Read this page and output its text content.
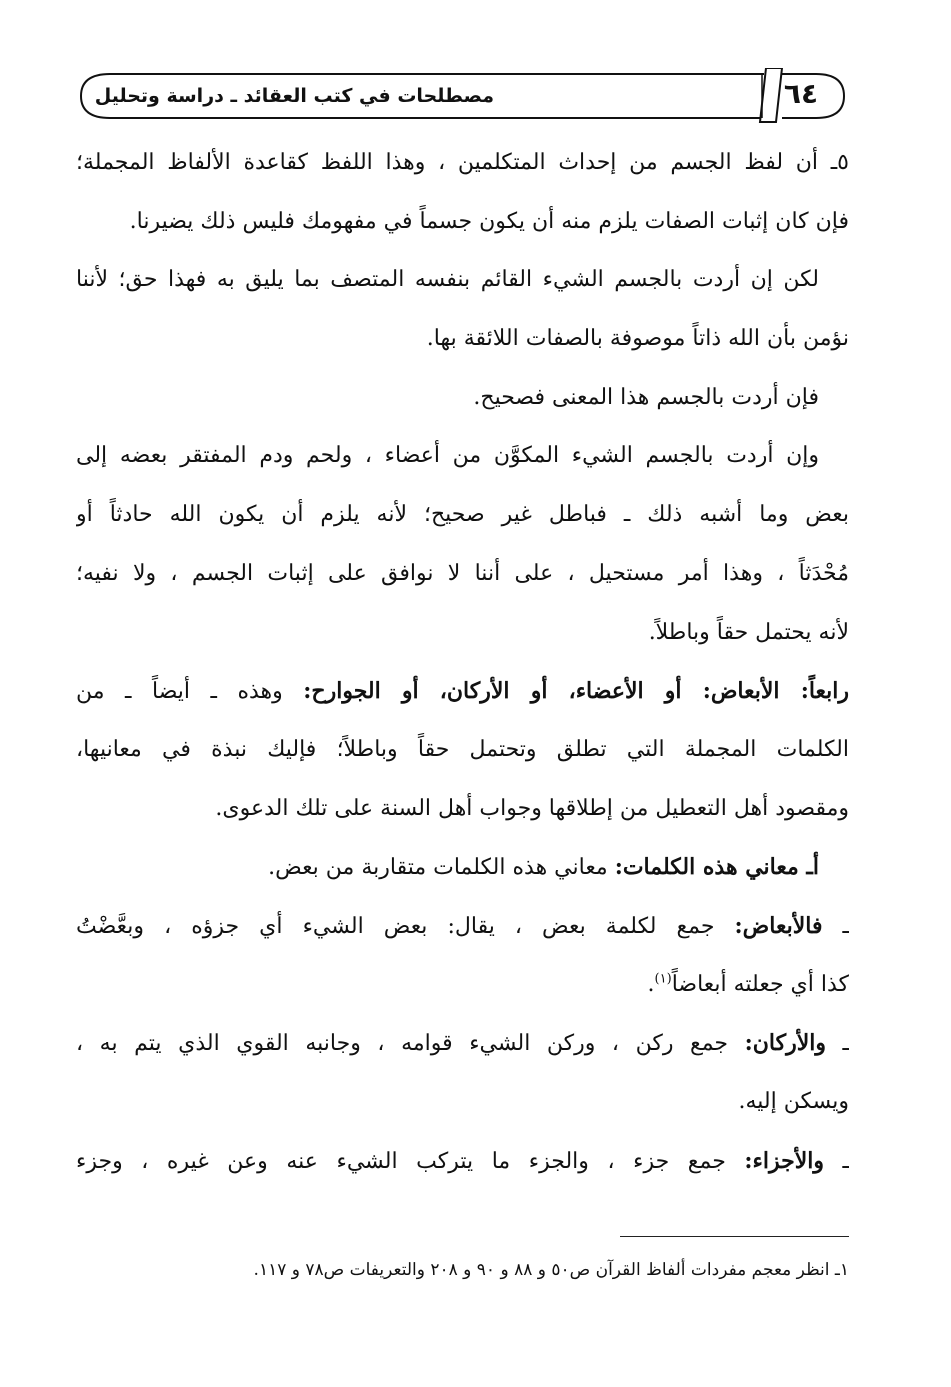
مصطلحات في كتب العقائد ـ دراسة وتحليل	٦٤
٥ـ أن لفظ الجسم من إحداث المتكلمين ، وهذا اللفظ كقاعدة الألفاظ المجملة؛
فإن كان إثبات الصفات يلزم منه أن يكون جسماً في مفهومك فليس ذلك يضيرنا.
لكن إن أردت بالجسم الشيء القائم بنفسه المتصف بما يليق به فهذا حق؛ لأننا
نؤمن بأن الله ذاتاً موصوفة بالصفات اللائقة بها.
فإن أردت بالجسم هذا المعنى فصحيح.
وإن أردت بالجسم الشيء المكوَّن من أعضاء ، ولحم ودم المفتقر بعضه إلى
بعض وما أشبه ذلك ـ فباطل غير صحيح؛ لأنه يلزم أن يكون الله حادثاً أو
مُحْدَثاً ، وهذا أمر مستحيل ، على أننا لا نوافق على إثبات الجسم ، ولا نفيه؛
لأنه يحتمل حقاً وباطلاً.
رابعاً: الأبعاض: أو الأعضاء، أو الأركان، أو الجوارح: وهذه ـ أيضاً ـ من
الكلمات المجملة التي تطلق وتحتمل حقاً وباطلاً؛ فإليك نبذة في معانيها،
ومقصود أهل التعطيل من إطلاقها وجواب أهل السنة على تلك الدعوى.
أـ معاني هذه الكلمات: معاني هذه الكلمات متقاربة من بعض.
ـ فالأبعاض: جمع لكلمة بعض ، يقال: بعض الشيء أي جزؤه ، وبعَّضْتُ
كذا أي جعلته أبعاضاً$^{(١)}$.
ـ والأركان: جمع ركن ، وركن الشيء قوامه ، وجانبه القوي الذي يتم به ،
ويسكن إليه.
ـ والأجزاء: جمع جزء ، والجزء ما يتركب الشيء عنه وعن غيره ، وجزء
١ـ انظر معجم مفردات ألفاظ القرآن ص٥٠ و ٨٨ و ٩٠ و ٢٠٨ والتعريفات ص٧٨ و ١١٧.
